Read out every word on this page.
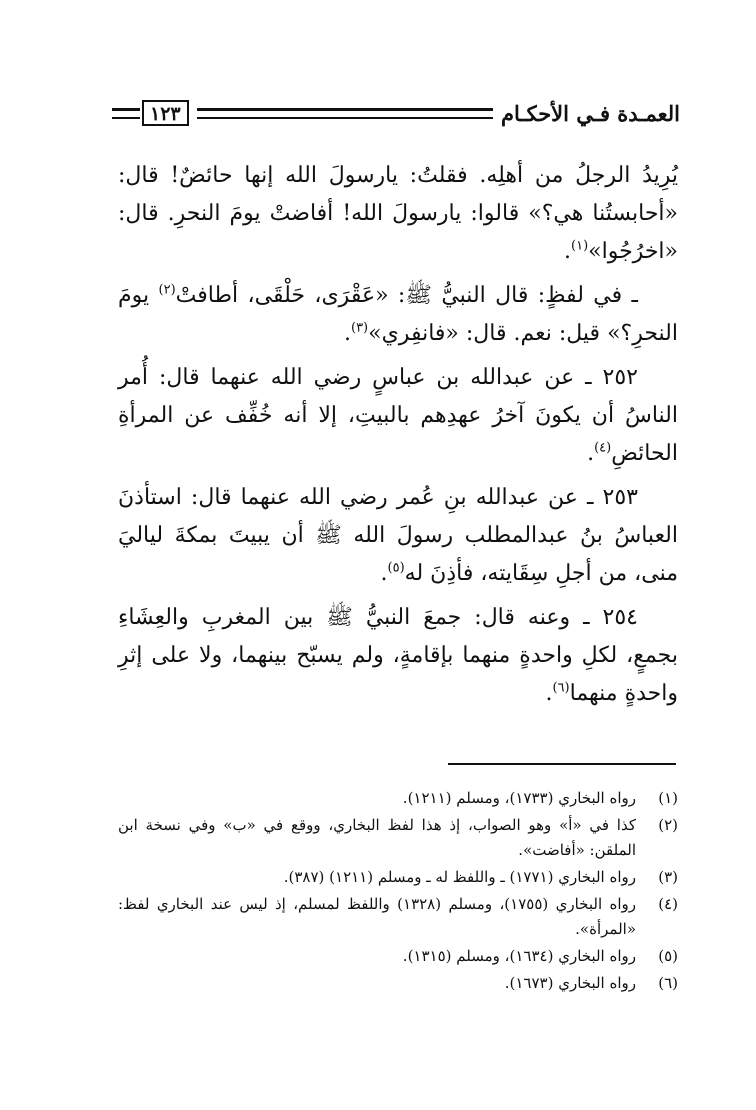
١٢٣	العمـدة فـي الأحكـام

يُرِيدُ الرجلُ من أهلِه. فقلتُ: يارسولَ الله إنها حائضٌ! قال: «أحابستُنا هي؟» قالوا: يارسولَ الله! أفاضتْ يومَ النحرِ. قال: «اخرُجُوا»$^{(١)}$.

ـ في لفظٍ: قال النبيُّ ﷺ: «عَقْرَى، حَلْقَى، أطافتْ$^{(٢)}$ يومَ النحرِ؟» قيل: نعم. قال: «فانفِري»$^{(٣)}$.

٢٥٢ ـ عن عبدالله بن عباسٍ رضي الله عنهما قال: أُمر الناسُ أن يكونَ آخرُ عهدِهم بالبيتِ، إلا أنه خُفِّف عن المرأةِ الحائضِ$^{(٤)}$.

٢٥٣ ـ عن عبدالله بنِ عُمر رضي الله عنهما قال: استأذنَ العباسُ بنُ عبدالمطلب رسولَ الله ﷺ أن يبيتَ بمكةَ لياليَ منى، من أجلِ سِقَايته، فأذِنَ له$^{(٥)}$.

٢٥٤ ـ وعنه قال: جمعَ النبيُّ ﷺ بين المغربِ والعِشَاءِ بجمعٍ، لكلِ واحدةٍ منهما بإقامةٍ، ولم يسبّح بينهما، ولا على إثرِ واحدةٍ منهما$^{(٦)}$.

(١)
رواه البخاري (١٧٣٣)، ومسلم (١٢١١).
(٢)
كذا في «أ» وهو الصواب، إذ هذا لفظ البخاري، ووقع في «ب» وفي نسخة ابن الملقن: «أفاضت».
(٣)
رواه البخاري (١٧٧١) ـ واللفظ له ـ ومسلم (١٢١١) (٣٨٧).
(٤)
رواه البخاري (١٧٥٥)، ومسلم (١٣٢٨) واللفظ لمسلم، إذ ليس عند البخاري لفظ: «المرأة».
(٥)
رواه البخاري (١٦٣٤)، ومسلم (١٣١٥).
(٦)
رواه البخاري (١٦٧٣).
